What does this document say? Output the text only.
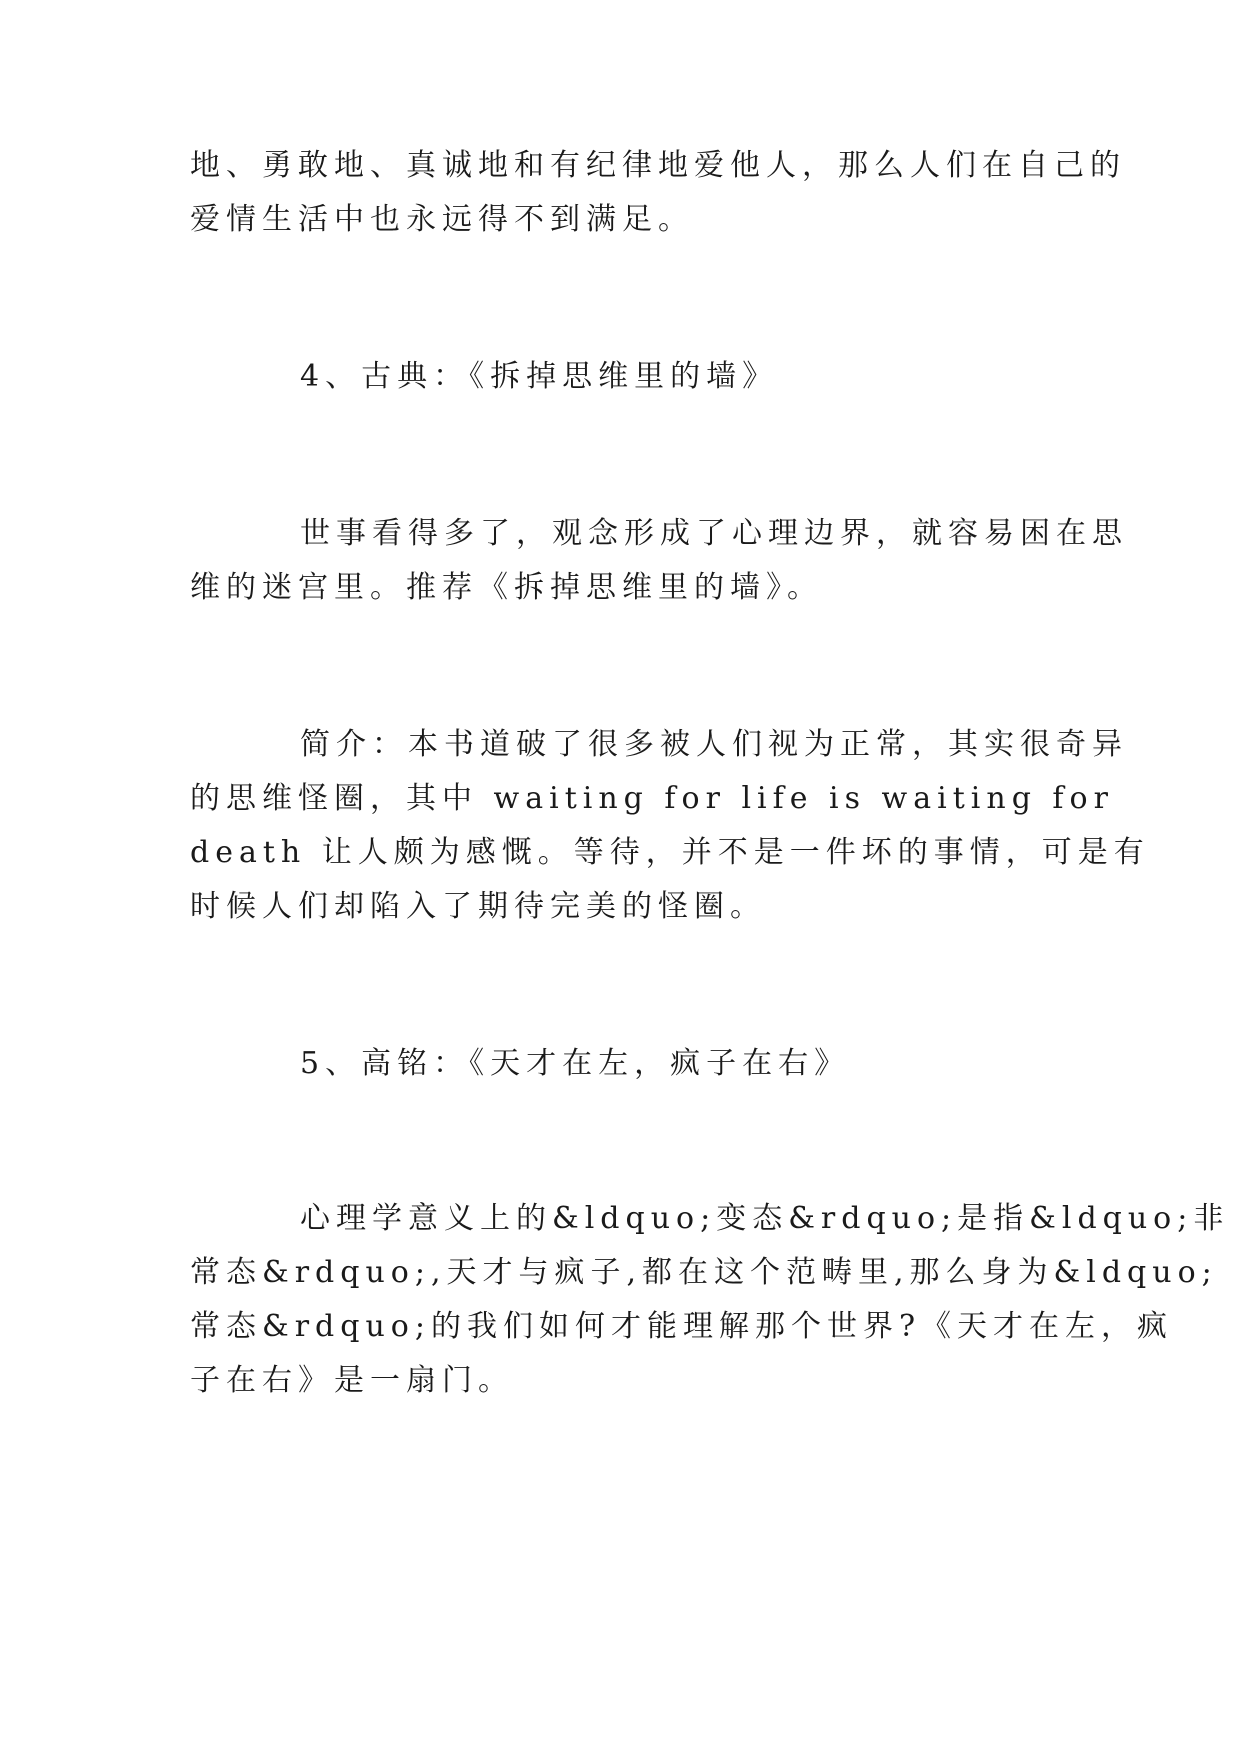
地、勇敢地、真诚地和有纪律地爱他人，那么人们在自己的
爱情生活中也永远得不到满足。
4、古典：《拆掉思维里的墙》
世事看得多了，观念形成了心理边界，就容易困在思
维的迷宫里。推荐《拆掉思维里的墙》。
简介：本书道破了很多被人们视为正常，其实很奇异
的思维怪圈，其中 waiting for life is waiting for
death 让人颇为感慨。等待，并不是一件坏的事情，可是有
时候人们却陷入了期待完美的怪圈。
5、高铭：《天才在左，疯子在右》
心理学意义上的&ldquo;变态&rdquo;是指&ldquo;非
常态&rdquo;,天才与疯子,都在这个范畴里,那么身为&ldquo;
常态&rdquo;的我们如何才能理解那个世界?《天才在左，疯
子在右》是一扇门。
